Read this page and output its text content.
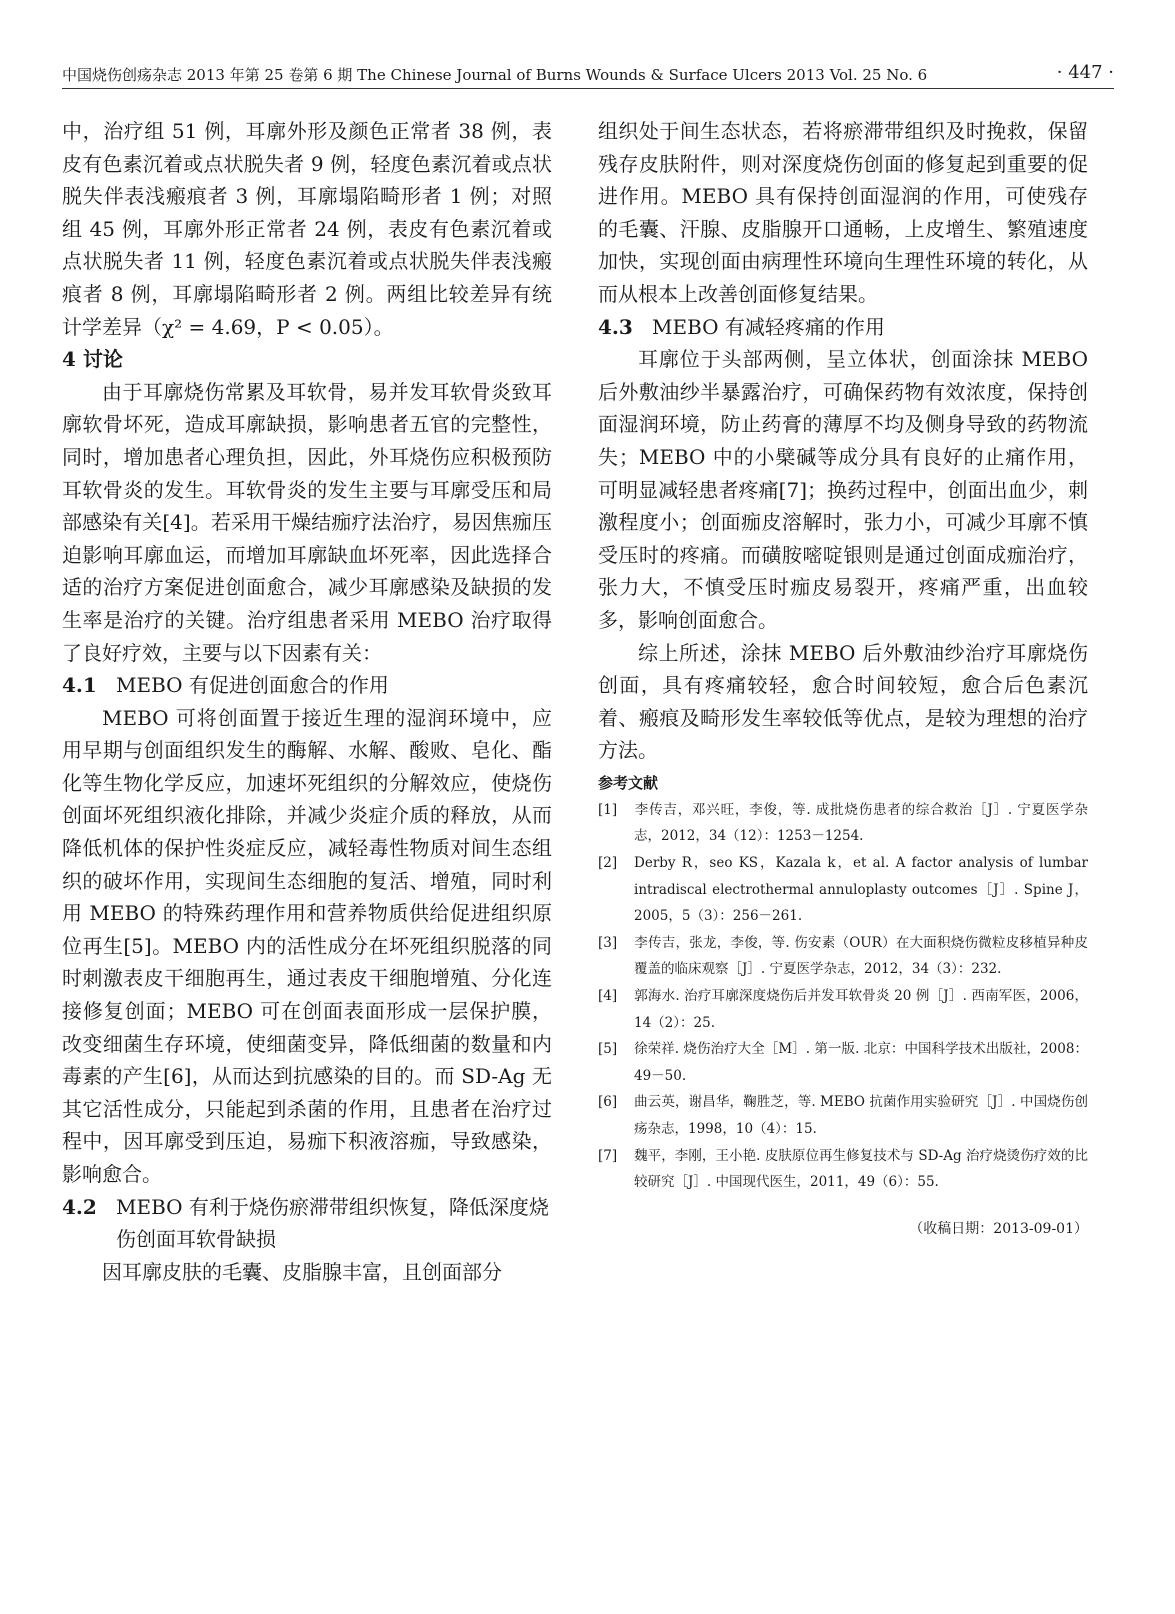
中国烧伤创疡杂志 2013 年第 25 卷第 6 期 The Chinese Journal of Burns Wounds & Surface Ulcers 2013 Vol. 25 No. 6	· 447 ·

中，治疗组 51 例，耳廓外形及颜色正常者 38 例，表皮有色素沉着或点状脱失者 9 例，轻度色素沉着或点状脱失伴表浅瘢痕者 3 例，耳廓塌陷畸形者 1 例；对照组 45 例，耳廓外形正常者 24 例，表皮有色素沉着或点状脱失者 11 例，轻度色素沉着或点状脱失伴表浅瘢痕者 8 例，耳廓塌陷畸形者 2 例。两组比较差异有统计学差异（χ² = 4.69，P < 0.05）。

4 讨论

由于耳廓烧伤常累及耳软骨，易并发耳软骨炎致耳廓软骨坏死，造成耳廓缺损，影响患者五官的完整性，同时，增加患者心理负担，因此，外耳烧伤应积极预防耳软骨炎的发生。耳软骨炎的发生主要与耳廓受压和局部感染有关[4]。若采用干燥结痂疗法治疗，易因焦痂压迫影响耳廓血运，而增加耳廓缺血坏死率，因此选择合适的治疗方案促进创面愈合，减少耳廓感染及缺损的发生率是治疗的关键。治疗组患者采用 MEBO 治疗取得了良好疗效，主要与以下因素有关：

4.1 MEBO 有促进创面愈合的作用

MEBO 可将创面置于接近生理的湿润环境中，应用早期与创面组织发生的酶解、水解、酸败、皂化、酯化等生物化学反应，加速坏死组织的分解效应，使烧伤创面坏死组织液化排除，并减少炎症介质的释放，从而降低机体的保护性炎症反应，减轻毒性物质对间生态组织的破坏作用，实现间生态细胞的复活、增殖，同时利用 MEBO 的特殊药理作用和营养物质供给促进组织原位再生[5]。MEBO 内的活性成分在坏死组织脱落的同时刺激表皮干细胞再生，通过表皮干细胞增殖、分化连接修复创面；MEBO 可在创面表面形成一层保护膜，改变细菌生存环境，使细菌变异，降低细菌的数量和内毒素的产生[6]，从而达到抗感染的目的。而 SD-Ag 无其它活性成分，只能起到杀菌的作用，且患者在治疗过程中，因耳廓受到压迫，易痂下积液溶痂，导致感染，影响愈合。

4.2 MEBO 有利于烧伤瘀滞带组织恢复，降低深度烧伤创面耳软骨缺损

因耳廓皮肤的毛囊、皮脂腺丰富，且创面部分

组织处于间生态状态，若将瘀滞带组织及时挽救，保留残存皮肤附件，则对深度烧伤创面的修复起到重要的促进作用。MEBO 具有保持创面湿润的作用，可使残存的毛囊、汗腺、皮脂腺开口通畅，上皮增生、繁殖速度加快，实现创面由病理性环境向生理性环境的转化，从而从根本上改善创面修复结果。

4.3 MEBO 有减轻疼痛的作用

耳廓位于头部两侧，呈立体状，创面涂抹 MEBO后外敷油纱半暴露治疗，可确保药物有效浓度，保持创面湿润环境，防止药膏的薄厚不均及侧身导致的药物流失；MEBO 中的小檗碱等成分具有良好的止痛作用，可明显减轻患者疼痛[7]；换药过程中，创面出血少，刺激程度小；创面痂皮溶解时，张力小，可减少耳廓不慎受压时的疼痛。而磺胺嘧啶银则是通过创面成痂治疗，张力大，不慎受压时痂皮易裂开，疼痛严重，出血较多，影响创面愈合。

综上所述，涂抹 MEBO 后外敷油纱治疗耳廓烧伤创面，具有疼痛较轻，愈合时间较短，愈合后色素沉着、瘢痕及畸形发生率较低等优点，是较为理想的治疗方法。

参考文献

[1] 李传吉，邓兴旺，李俊，等. 成批烧伤患者的综合救治［J］. 宁夏医学杂志，2012，34（12）：1253－1254.

[2] Derby R，seo KS，Kazala k，et al. A factor analysis of lumbar intradiscal electrothermal annuloplasty outcomes［J］. Spine J，2005，5（3）：256－261.

[3] 李传吉，张龙，李俊，等. 伤安素（OUR）在大面积烧伤微粒皮移植异种皮覆盖的临床观察［J］. 宁夏医学杂志，2012，34（3）：232.

[4] 郭海水. 治疗耳廓深度烧伤后并发耳软骨炎 20 例［J］. 西南军医，2006，14（2）：25.

[5] 徐荣祥. 烧伤治疗大全［M］. 第一版. 北京：中国科学技术出版社，2008：49－50.

[6] 曲云英，谢昌华，鞠胜芝，等. MEBO 抗菌作用实验研究［J］. 中国烧伤创疡杂志，1998，10（4）：15.

[7] 魏平，李刚，王小艳. 皮肤原位再生修复技术与 SD-Ag 治疗烧烫伤疗效的比较研究［J］. 中国现代医生，2011，49（6）：55.

（收稿日期：2013-09-01）
